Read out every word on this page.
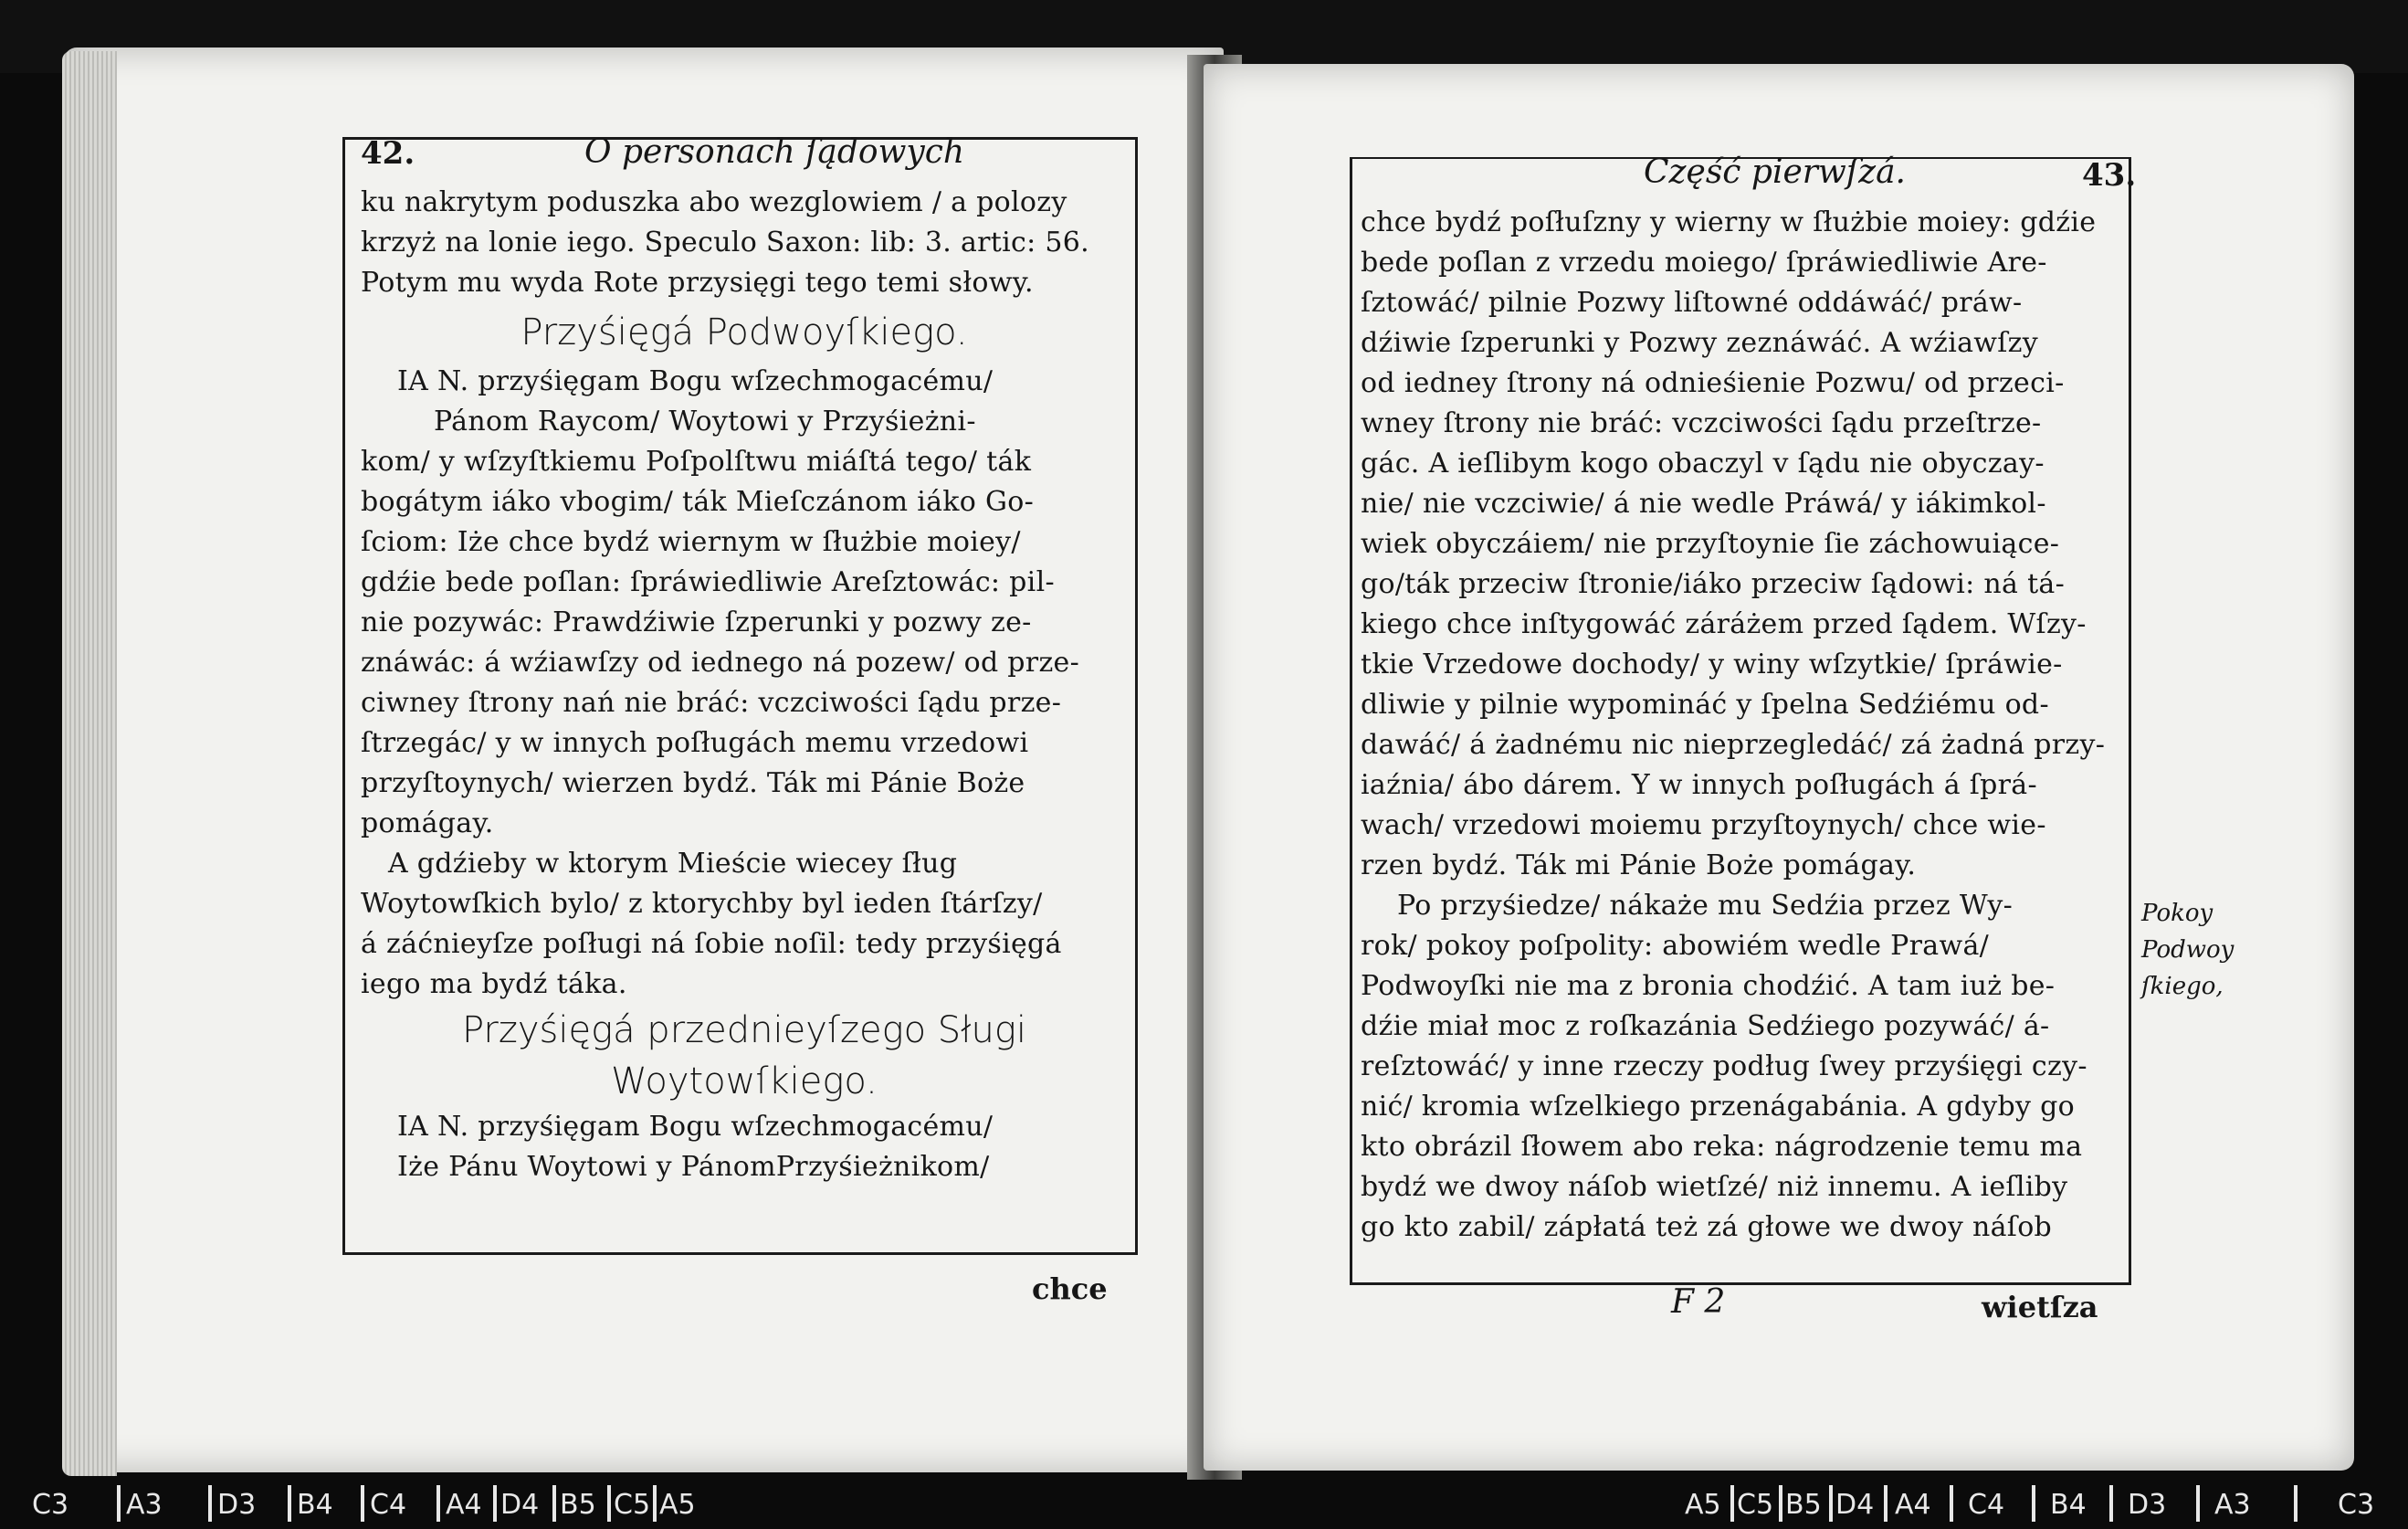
42.	O personach ſądowych
ku nakrytym poduszka abo wezglowiem / a polozy
krzyż na lonie iego. Speculo Saxon: lib: 3. artic: 56.
Potym mu wyda Rote przysięgi tego temi słowy.
Przyśięgá Podwoyſkiego.
IA N. przyśięgam Bogu wſzechmogacému/
Pánom Raycom/ Woytowi y Przyśieżni-
kom/ y wſzyſtkiemu Poſpolſtwu miáſtá tego/ ták
bogátym iáko vbogim/ ták Mieſczánom iáko Go-
ſciom: Iże chce bydź wiernym w ſłużbie moiey/
gdźie bede poſlan: ſpráwiedliwie Areſztowác: pil-
nie pozywác: Prawdźiwie ſzperunki y pozwy ze-
znáwác: á wźiawſzy od iednego ná pozew/ od prze-
ciwney ſtrony nań nie bráć: vczciwości ſądu prze-
ſtrzegác/ y w innych poſługách memu vrzedowi
przyſtoynych/ wierzen bydź. Ták mi Pánie Boże
pomágay.
A gdźieby w ktorym Mieście wiecey ſług
Woytowſkich bylo/ z ktorychby byl ieden ſtárſzy/
á záćnieyſze poſługi ná ſobie noſil: tedy przyśięgá
iego ma bydź táka.
Przyśięgá przednieyſzego Sługi
Woytowſkiego.
IA N. przyśięgam Bogu wſzechmogacému/
Iże Pánu Woytowi y PánomPrzyśieżnikom/
chce
Część pierwſzá.	43.
chce bydź poſłuſzny y wierny w ſłużbie moiey: gdźie
bede poſlan z vrzedu moiego/ ſpráwiedliwie Are-
ſztowáć/ pilnie Pozwy liſtowné oddáwáć/ práw-
dźiwie ſzperunki y Pozwy zeznáwáć. A wźiawſzy
od iedney ſtrony ná odnieśienie Pozwu/ od przeci-
wney ſtrony nie bráć: vczciwości ſądu przeſtrze-
gác. A ieſlibym kogo obaczyl v ſądu nie obyczay-
nie/ nie vczciwie/ á nie wedle Práwá/ y iákimkol-
wiek obyczáiem/ nie przyſtoynie ſie záchowuiące-
go/ták przeciw ſtronie/iáko przeciw ſądowi: ná tá-
kiego chce inſtygowáć záráżem przed ſądem. Wſzy-
tkie Vrzedowe dochody/ y winy wſzytkie/ ſpráwie-
dliwie y pilnie wypomináć y ſpelna Sedźiému od-
dawáć/ á żadnému nic nieprzegledáć/ zá żadná przy-
iaźnia/ ábo dárem. Y w innych poſługách á ſprá-
wach/ vrzedowi moiemu przyſtoynych/ chce wie-
rzen bydź. Ták mi Pánie Boże pomágay.
Po przyśiedze/ nákaże mu Sedźia przez Wy-
rok/ pokoy poſpolity: abowiém wedle Prawá/
Podwoyſki nie ma z bronia chodźić. A tam iuż be-
dźie miał moc z roſkazánia Sedźiego pozywáć/ á-
reſztowáć/ y inne rzeczy podług ſwey przyśięgi czy-
nić/ kromia wſzelkiego przenágabánia. A gdyby go
kto obrázil ſłowem abo reka: nágrodzenie temu ma
bydź we dwoy náſob wietſzé/ niż innemu. A ieſliby
go kto zabil/ zápłatá też zá głowe we dwoy náſob
F 2	wietſza
Pokoy
Podwoy
ſkiego,
C3 A3 D3 B4 C4 A4 D4 B5 C5 A5	A5 C5 B5 D4 A4 C4 B4 D3 A3	C3
